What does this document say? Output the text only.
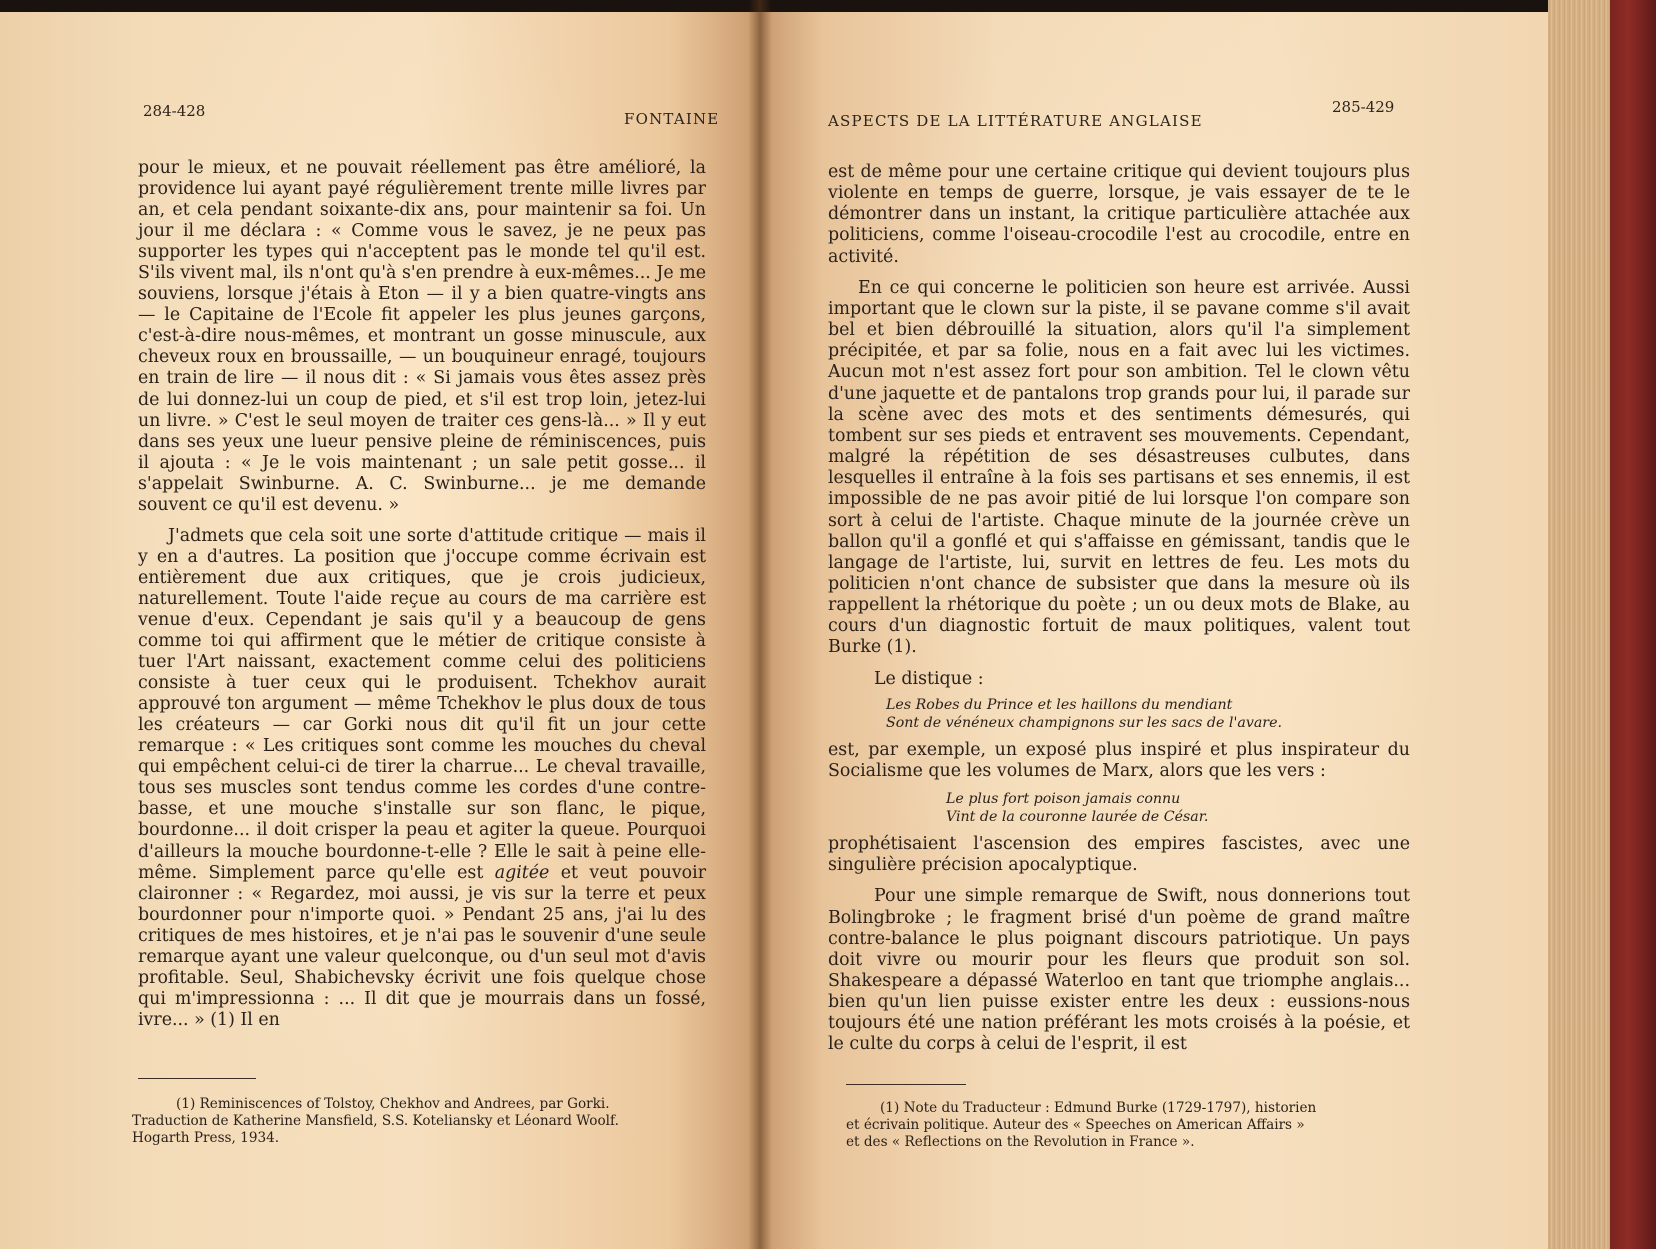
284-428	FONTAINE

pour le mieux, et ne pouvait réellement pas être amélioré, la providence lui ayant payé régulièrement trente mille livres par an, et cela pendant soixante-dix ans, pour maintenir sa foi. Un jour il me déclara : « Comme vous le savez, je ne peux pas supporter les types qui n'acceptent pas le monde tel qu'il est. S'ils vivent mal, ils n'ont qu'à s'en prendre à eux-mêmes... Je me souviens, lorsque j'étais à Eton — il y a bien quatre-vingts ans — le Capitaine de l'Ecole fit appeler les plus jeunes garçons, c'est-à-dire nous-mêmes, et montrant un gosse minuscule, aux cheveux roux en broussaille, — un bouquineur enragé, toujours en train de lire — il nous dit : « Si jamais vous êtes assez près de lui donnez-lui un coup de pied, et s'il est trop loin, jetez-lui un livre. » C'est le seul moyen de traiter ces gens-là... » Il y eut dans ses yeux une lueur pensive pleine de réminiscences, puis il ajouta : « Je le vois maintenant ; un sale petit gosse... il s'appelait Swinburne. A. C. Swinburne... je me demande souvent ce qu'il est devenu. »

J'admets que cela soit une sorte d'attitude critique — mais il y en a d'autres. La position que j'occupe comme écrivain est entièrement due aux critiques, que je crois judicieux, naturellement. Toute l'aide reçue au cours de ma carrière est venue d'eux. Cependant je sais qu'il y a beaucoup de gens comme toi qui affirment que le métier de critique consiste à tuer l'Art naissant, exactement comme celui des politiciens consiste à tuer ceux qui le produisent. Tchekhov aurait approuvé ton argument — même Tchekhov le plus doux de tous les créateurs — car Gorki nous dit qu'il fit un jour cette remarque : « Les critiques sont comme les mouches du cheval qui empêchent celui-ci de tirer la charrue... Le cheval travaille, tous ses muscles sont tendus comme les cordes d'une contre-basse, et une mouche s'installe sur son flanc, le pique, bourdonne... il doit crisper la peau et agiter la queue. Pourquoi d'ailleurs la mouche bourdonne-t-elle ? Elle le sait à peine elle-même. Simplement parce qu'elle est agitée et veut pouvoir claironner : « Regardez, moi aussi, je vis sur la terre et peux bourdonner pour n'importe quoi. » Pendant 25 ans, j'ai lu des critiques de mes histoires, et je n'ai pas le souvenir d'une seule remarque ayant une valeur quelconque, ou d'un seul mot d'avis profitable. Seul, Shabichevsky écrivit une fois quelque chose qui m'impressionna : ... Il dit que je mourrais dans un fossé, ivre... » (1) Il en

(1) Reminiscences of Tolstoy, Chekhov and Andrees, par Gorki.
Traduction de Katherine Mansfield, S.S. Koteliansky et Léonard Woolf.
Hogarth Press, 1934.
ASPECTS DE LA LITTÉRATURE ANGLAISE
285-429

est de même pour une certaine critique qui devient toujours plus violente en temps de guerre, lorsque, je vais essayer de te le démontrer dans un instant, la critique particulière attachée aux politiciens, comme l'oiseau-crocodile l'est au crocodile, entre en activité.

En ce qui concerne le politicien son heure est arrivée. Aussi important que le clown sur la piste, il se pavane comme s'il avait bel et bien débrouillé la situation, alors qu'il l'a simplement précipitée, et par sa folie, nous en a fait avec lui les victimes. Aucun mot n'est assez fort pour son ambition. Tel le clown vêtu d'une jaquette et de pantalons trop grands pour lui, il parade sur la scène avec des mots et des sentiments démesurés, qui tombent sur ses pieds et entravent ses mouvements. Cependant, malgré la répétition de ses désastreuses culbutes, dans lesquelles il entraîne à la fois ses partisans et ses ennemis, il est impossible de ne pas avoir pitié de lui lorsque l'on compare son sort à celui de l'artiste. Chaque minute de la journée crève un ballon qu'il a gonflé et qui s'affaisse en gémissant, tandis que le langage de l'artiste, lui, survit en lettres de feu. Les mots du politicien n'ont chance de subsister que dans la mesure où ils rappellent la rhétorique du poète ; un ou deux mots de Blake, au cours d'un diagnostic fortuit de maux politiques, valent tout Burke (1).

Le distique :

Les Robes du Prince et les haillons du mendiant
Sont de vénéneux champignons sur les sacs de l'avare.

est, par exemple, un exposé plus inspiré et plus inspirateur du Socialisme que les volumes de Marx, alors que les vers :

Le plus fort poison jamais connu
Vint de la couronne laurée de César.

prophétisaient l'ascension des empires fascistes, avec une singulière précision apocalyptique.

Pour une simple remarque de Swift, nous donnerions tout Bolingbroke ; le fragment brisé d'un poème de grand maître contre-balance le plus poignant discours patriotique. Un pays doit vivre ou mourir pour les fleurs que produit son sol. Shakespeare a dépassé Waterloo en tant que triomphe anglais... bien qu'un lien puisse exister entre les deux : eussions-nous toujours été une nation préférant les mots croisés à la poésie, et le culte du corps à celui de l'esprit, il est

(1) Note du Traducteur : Edmund Burke (1729-1797), historien
et écrivain politique. Auteur des « Speeches on American Affairs »
et des « Reflections on the Revolution in France ».
